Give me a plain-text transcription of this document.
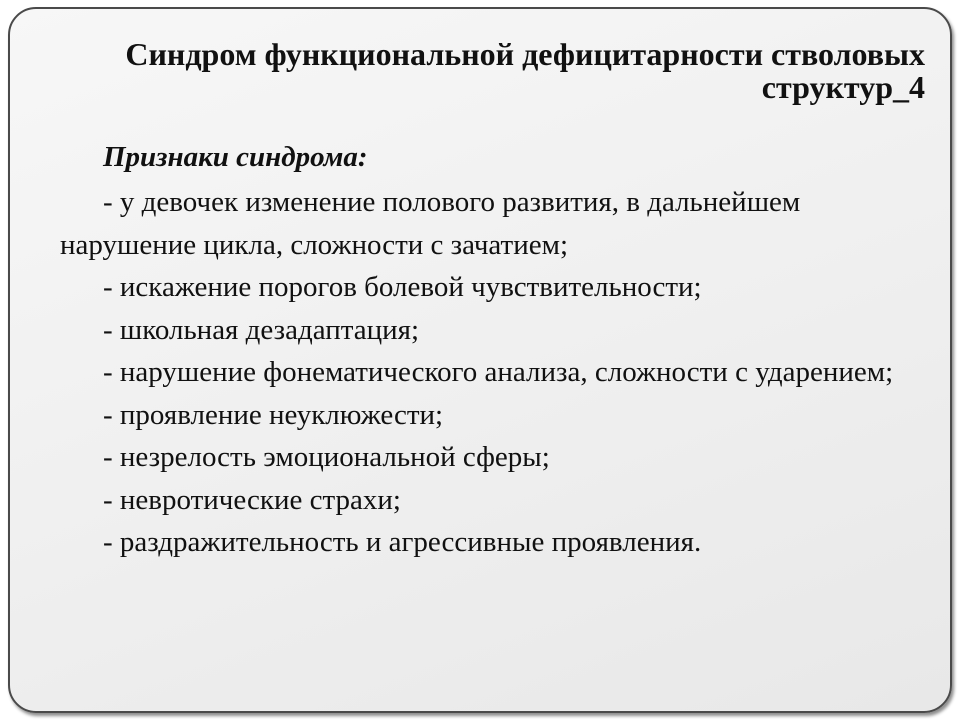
Синдром функциональной дефицитарности стволовых
структур_4
Признаки синдрома:
- у девочек изменение полового развития, в дальнейшем
нарушение цикла, сложности с зачатием;
- искажение порогов болевой чувствительности;
- школьная дезадаптация;
- нарушение фонематического анализа, сложности с ударением;
- проявление неуклюжести;
- незрелость эмоциональной сферы;
- невротические страхи;
- раздражительность и агрессивные проявления.
